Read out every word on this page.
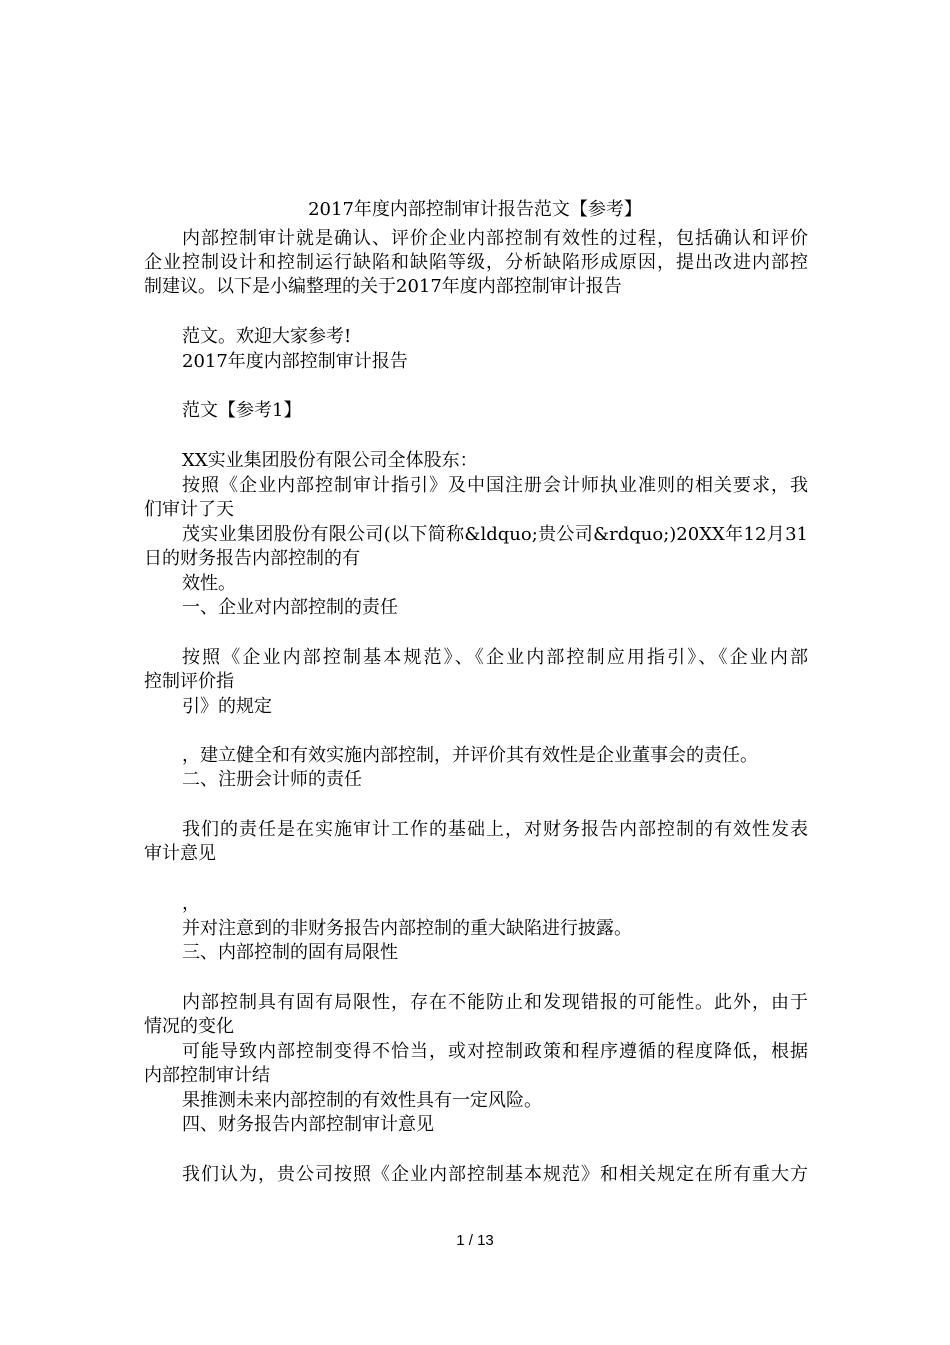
2017年度内部控制审计报告范文【参考】
内部控制审计就是确认、评价企业内部控制有效性的过程，包括确认和评价
企业控制设计和控制运行缺陷和缺陷等级，分析缺陷形成原因，提出改进内部控
制建议。以下是小编整理的关于2017年度内部控制审计报告
范文。欢迎大家参考!
2017年度内部控制审计报告
范文【参考1】
XX实业集团股份有限公司全体股东：
按照《企业内部控制审计指引》及中国注册会计师执业准则的相关要求，我
们审计了天
茂实业集团股份有限公司(以下简称&ldquo;贵公司&rdquo;)20XX年12月31
日的财务报告内部控制的有
效性。
一、企业对内部控制的责任
按照《企业内部控制基本规范》、《企业内部控制应用指引》、《企业内部
控制评价指
引》的规定
，建立健全和有效实施内部控制，并评价其有效性是企业董事会的责任。
二、注册会计师的责任
我们的责任是在实施审计工作的基础上，对财务报告内部控制的有效性发表
审计意见
，
并对注意到的非财务报告内部控制的重大缺陷进行披露。
三、内部控制的固有局限性
内部控制具有固有局限性，存在不能防止和发现错报的可能性。此外，由于
情况的变化
可能导致内部控制变得不恰当，或对控制政策和程序遵循的程度降低，根据
内部控制审计结
果推测未来内部控制的有效性具有一定风险。
四、财务报告内部控制审计意见
我们认为，贵公司按照《企业内部控制基本规范》和相关规定在所有重大方
1 / 13
